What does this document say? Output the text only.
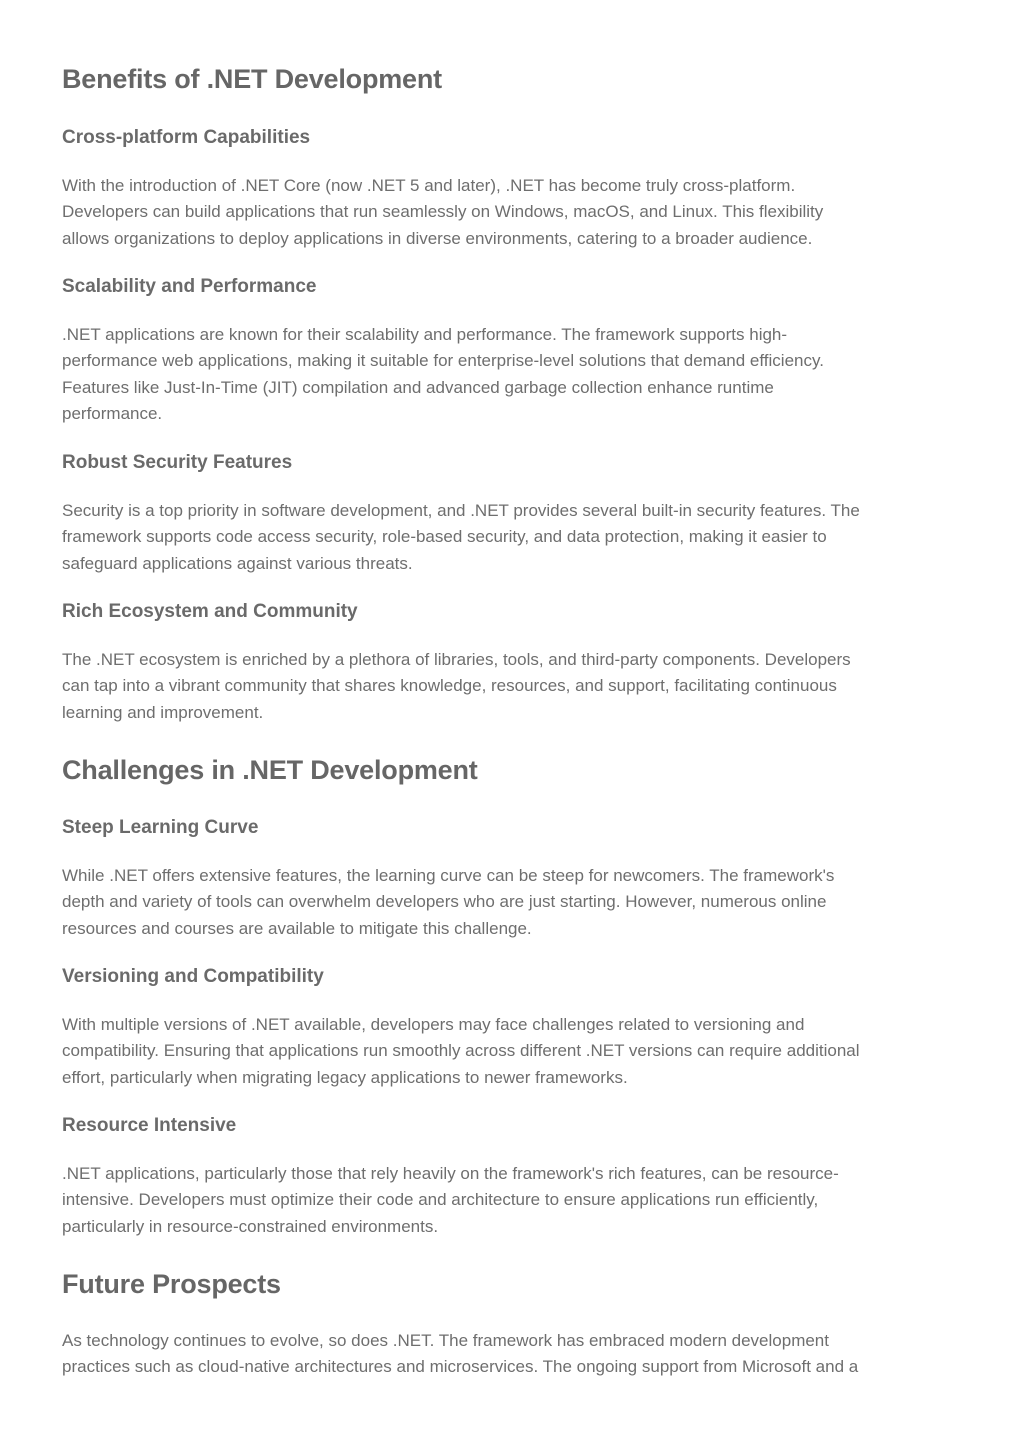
Benefits of .NET Development
Cross-platform Capabilities

With the introduction of .NET Core (now .NET 5 and later), .NET has become truly cross-platform.

Developers can build applications that run seamlessly on Windows, macOS, and Linux. This flexibility

allows organizations to deploy applications in diverse environments, catering to a broader audience.

Scalability and Performance

.NET applications are known for their scalability and performance. The framework supports high-

performance web applications, making it suitable for enterprise-level solutions that demand efficiency.

Features like Just-In-Time (JIT) compilation and advanced garbage collection enhance runtime

performance.

Robust Security Features

Security is a top priority in software development, and .NET provides several built-in security features. The

framework supports code access security, role-based security, and data protection, making it easier to

safeguard applications against various threats.

Rich Ecosystem and Community

The .NET ecosystem is enriched by a plethora of libraries, tools, and third-party components. Developers

can tap into a vibrant community that shares knowledge, resources, and support, facilitating continuous

learning and improvement.

Challenges in .NET Development
Steep Learning Curve

While .NET offers extensive features, the learning curve can be steep for newcomers. The framework's

depth and variety of tools can overwhelm developers who are just starting. However, numerous online

resources and courses are available to mitigate this challenge.

Versioning and Compatibility

With multiple versions of .NET available, developers may face challenges related to versioning and

compatibility. Ensuring that applications run smoothly across different .NET versions can require additional

effort, particularly when migrating legacy applications to newer frameworks.

Resource Intensive

.NET applications, particularly those that rely heavily on the framework's rich features, can be resource-

intensive. Developers must optimize their code and architecture to ensure applications run efficiently,

particularly in resource-constrained environments.

Future Prospects

As technology continues to evolve, so does .NET. The framework has embraced modern development

practices such as cloud-native architectures and microservices. The ongoing support from Microsoft and a
